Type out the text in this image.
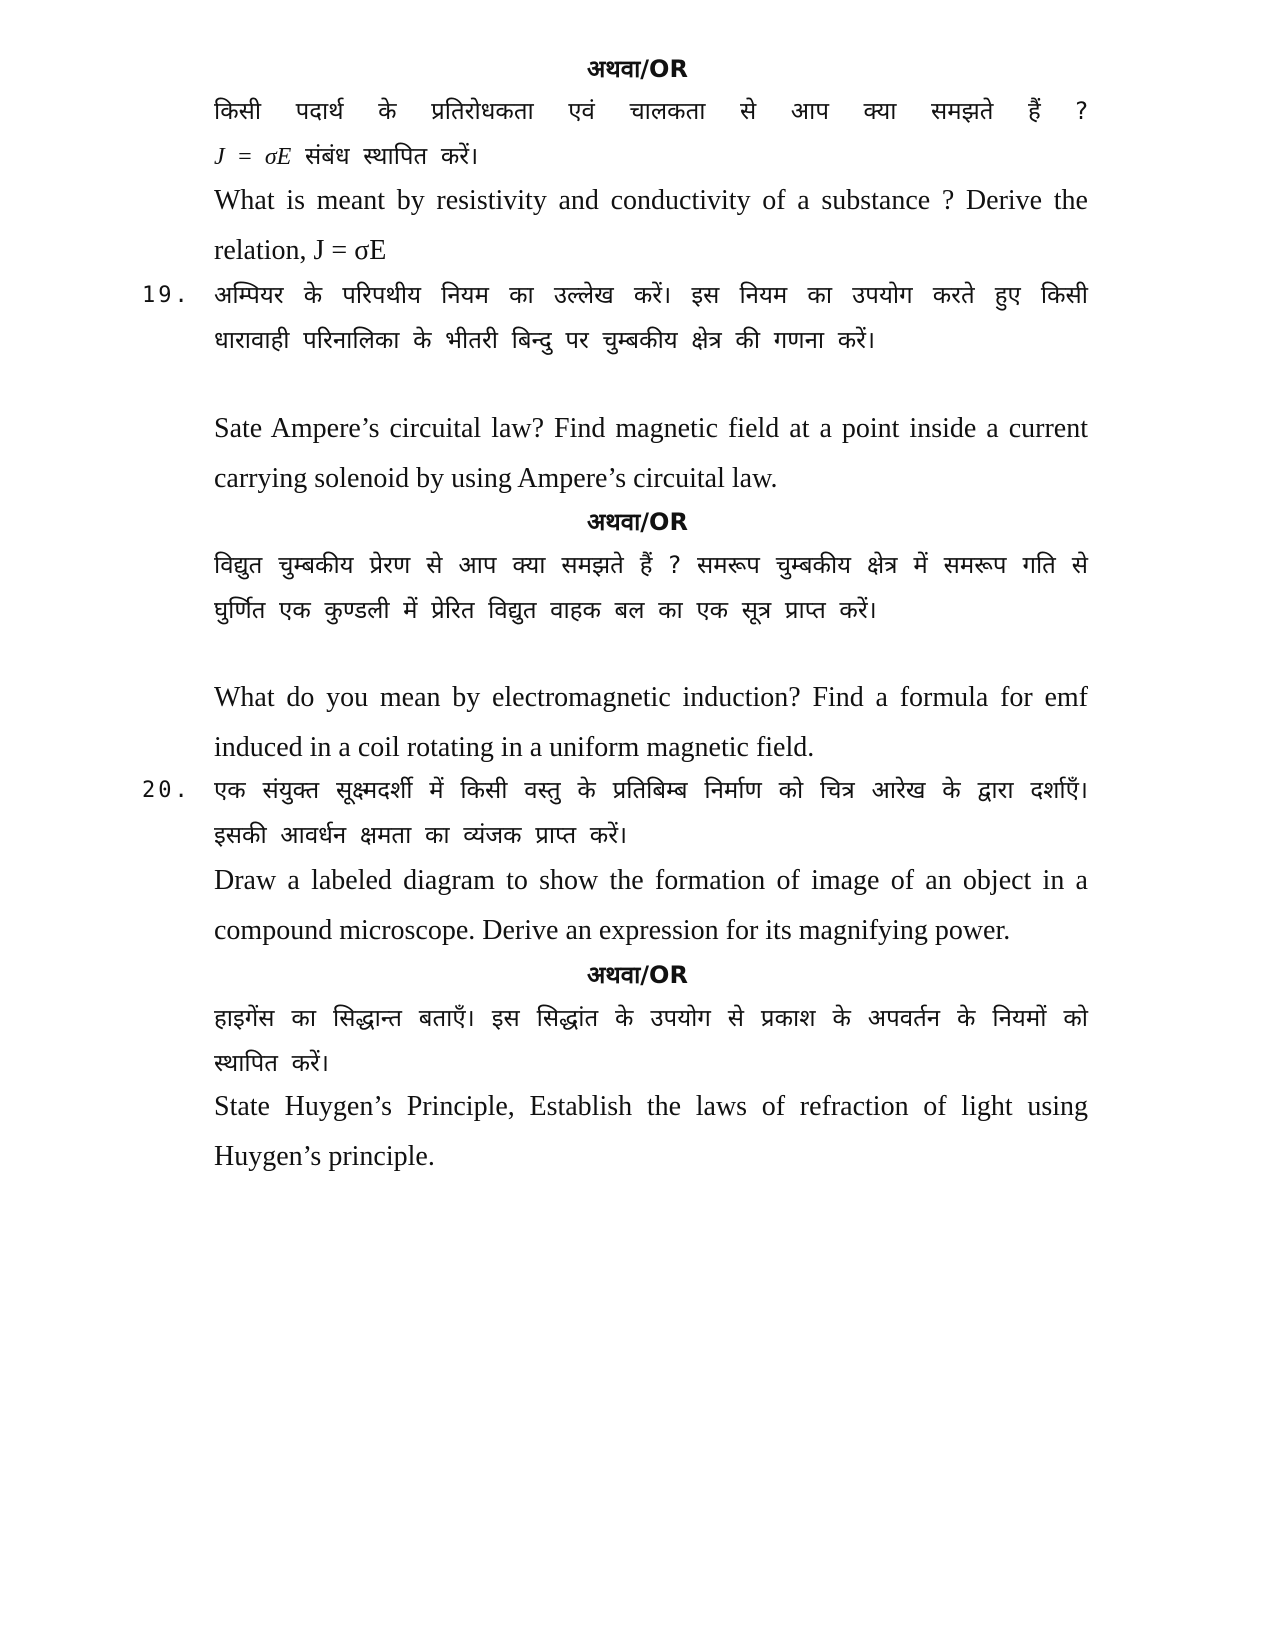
अथवा/OR
किसी पदार्थ के प्रतिरोधकता एवं चालकता से आप क्या समझते हैं ?
J = σE संबंध स्थापित करें।
What is meant by resistivity and conductivity of a substance ? Derive the relation, J = σE
19. अम्पियर के परिपथीय नियम का उल्लेख करें। इस नियम का उपयोग करते हुए किसी धारावाही परिनालिका के भीतरी बिन्दु पर चुम्बकीय क्षेत्र की गणना करें।
Sate Ampere’s circuital law? Find magnetic field at a point inside a current carrying solenoid by using Ampere’s circuital law.
अथवा/OR
विद्युत चुम्बकीय प्रेरण से आप क्या समझते हैं ? समरूप चुम्बकीय क्षेत्र में समरूप गति से घुर्णित एक कुण्डली में प्रेरित विद्युत वाहक बल का एक सूत्र प्राप्त करें।
What do you mean by electromagnetic induction? Find a formula for emf induced in a coil rotating in a uniform magnetic field.
20. एक संयुक्त सूक्ष्मदर्शी में किसी वस्तु के प्रतिबिम्ब निर्माण को चित्र आरेख के द्वारा दर्शाएँ। इसकी आवर्धन क्षमता का व्यंजक प्राप्त करें।
Draw a labeled diagram to show the formation of image of an object in a compound microscope. Derive an expression for its magnifying power.
अथवा/OR
हाइगेंस का सिद्धान्त बताएँ। इस सिद्धांत के उपयोग से प्रकाश के अपवर्तन के नियमों को स्थापित करें।
State Huygen’s Principle, Establish the laws of refraction of light using Huygen’s principle.
